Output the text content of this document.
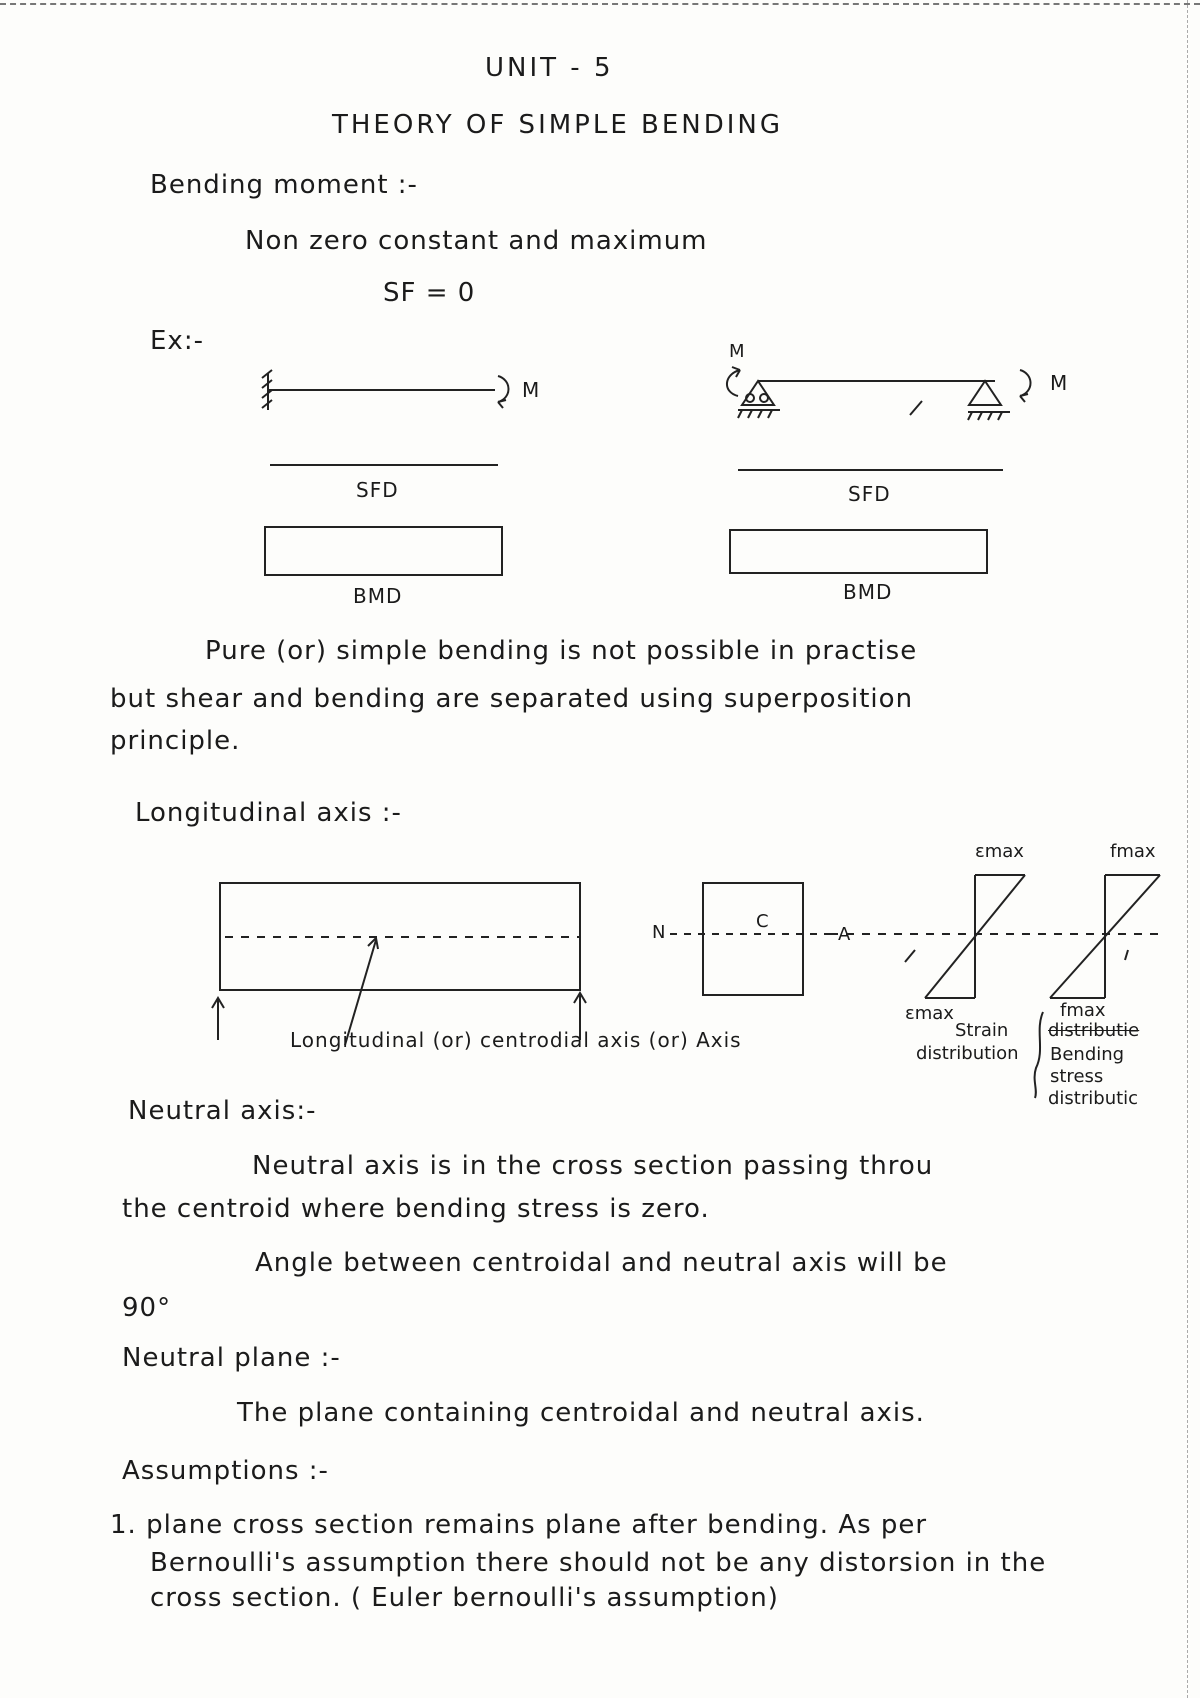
UNIT - 5
THEORY OF SIMPLE BENDING
Bending moment :-
Non zero constant and maximum
SF = 0
Ex:-
M
SFD
BMD
M
M
SFD
BMD
Pure (or) simple bending is not possible in practise
but shear and bending are separated using superposition
principle.
Longitudinal axis :-
Longitudinal (or) centrodial axis (or) Axis
N
C
A
εmax
εmax
fmax
fmax
Strain
distribution
distributie
Bending
stress
distributic
Neutral axis:-
Neutral axis is in the cross section passing throu
the centroid where bending stress is zero.
Angle between centroidal and neutral axis will be
90°
Neutral plane :-
The plane containing centroidal and neutral axis.
Assumptions :-
1. plane cross section remains plane after bending. As per
Bernoulli's assumption there should not be any distorsion in the
cross section. ( Euler bernoulli's assumption)
